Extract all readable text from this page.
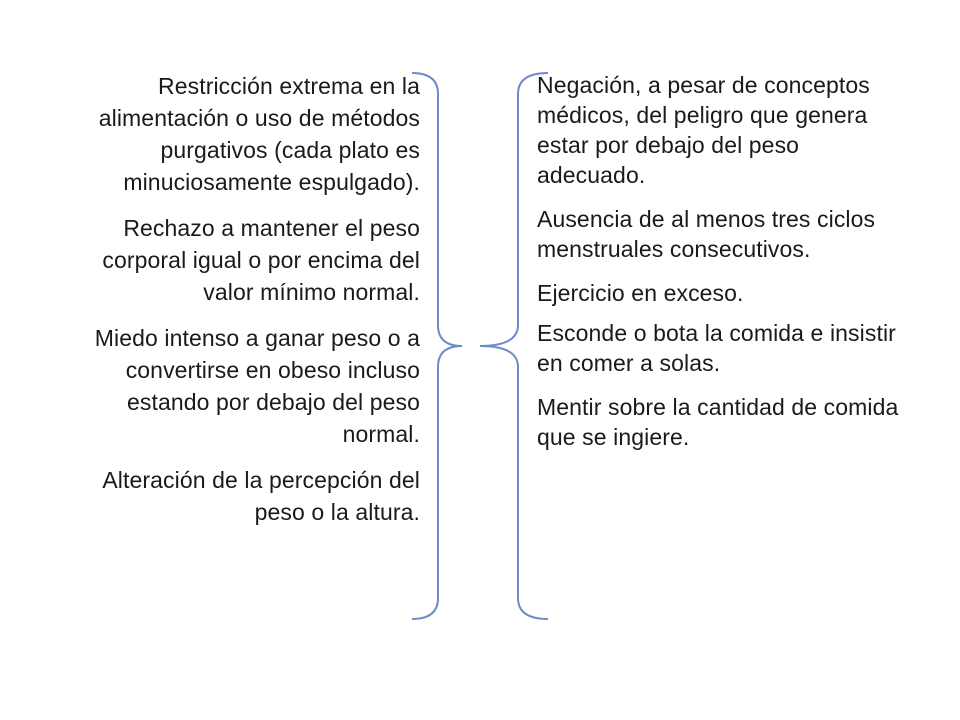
Restricción extrema en la alimentación o uso de métodos purgativos (cada plato es minuciosamente espulgado).

Rechazo a mantener el peso corporal igual o por encima del valor mínimo normal.

Miedo intenso a ganar peso o a convertirse en obeso incluso estando por debajo del peso normal.

Alteración de la percepción del peso o la altura.

Negación, a pesar de conceptos médicos, del peligro que genera estar por debajo del peso adecuado.

Ausencia de al menos tres ciclos menstruales consecutivos.

Ejercicio en exceso.

Esconde o bota la comida e insistir en comer a solas.

Mentir sobre la cantidad de comida que se ingiere.
